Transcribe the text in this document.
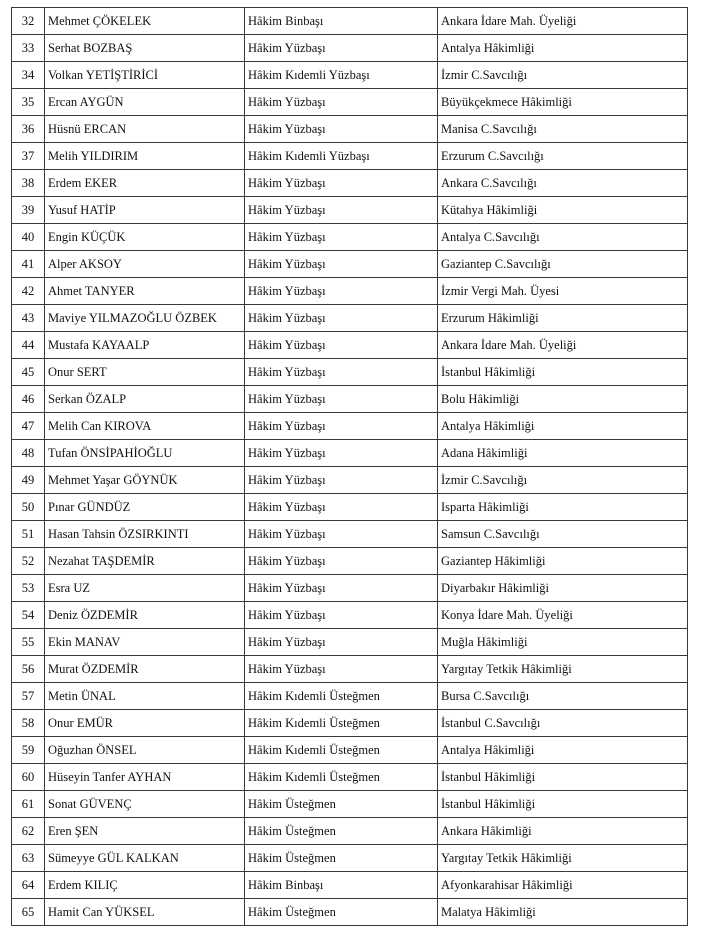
32	Mehmet ÇÖKELEK	Hâkim Binbaşı	Ankara İdare Mah. Üyeliği
33	Serhat BOZBAŞ	Hâkim Yüzbaşı	Antalya Hâkimliği
34	Volkan YETİŞTİRİCİ	Hâkim Kıdemli Yüzbaşı	İzmir C.Savcılığı
35	Ercan AYGÜN	Hâkim Yüzbaşı	Büyükçekmece Hâkimliği
36	Hüsnü ERCAN	Hâkim Yüzbaşı	Manisa C.Savcılığı
37	Melih YILDIRIM	Hâkim Kıdemli Yüzbaşı	Erzurum C.Savcılığı
38	Erdem EKER	Hâkim Yüzbaşı	Ankara C.Savcılığı
39	Yusuf HATİP	Hâkim Yüzbaşı	Kütahya Hâkimliği
40	Engin KÜÇÜK	Hâkim Yüzbaşı	Antalya C.Savcılığı
41	Alper AKSOY	Hâkim Yüzbaşı	Gaziantep C.Savcılığı
42	Ahmet TANYER	Hâkim Yüzbaşı	İzmir Vergi Mah. Üyesi
43	Maviye YILMAZOĞLU ÖZBEK	Hâkim Yüzbaşı	Erzurum Hâkimliği
44	Mustafa KAYAALP	Hâkim Yüzbaşı	Ankara İdare Mah. Üyeliği
45	Onur SERT	Hâkim Yüzbaşı	İstanbul Hâkimliği
46	Serkan ÖZALP	Hâkim Yüzbaşı	Bolu Hâkimliği
47	Melih Can KIROVA	Hâkim Yüzbaşı	Antalya Hâkimliği
48	Tufan ÖNSİPAHİOĞLU	Hâkim Yüzbaşı	Adana Hâkimliği
49	Mehmet Yaşar GÖYNÜK	Hâkim Yüzbaşı	İzmir C.Savcılığı
50	Pınar GÜNDÜZ	Hâkim Yüzbaşı	Isparta Hâkimliği
51	Hasan Tahsin ÖZSIRKINTI	Hâkim Yüzbaşı	Samsun C.Savcılığı
52	Nezahat TAŞDEMİR	Hâkim Yüzbaşı	Gaziantep Hâkimliği
53	Esra UZ	Hâkim Yüzbaşı	Diyarbakır Hâkimliği
54	Deniz ÖZDEMİR	Hâkim Yüzbaşı	Konya İdare Mah. Üyeliği
55	Ekin MANAV	Hâkim Yüzbaşı	Muğla Hâkimliği
56	Murat ÖZDEMİR	Hâkim Yüzbaşı	Yargıtay Tetkik Hâkimliği
57	Metin ÜNAL	Hâkim Kıdemli Üsteğmen	Bursa C.Savcılığı
58	Onur EMÜR	Hâkim Kıdemli Üsteğmen	İstanbul C.Savcılığı
59	Oğuzhan ÖNSEL	Hâkim Kıdemli Üsteğmen	Antalya Hâkimliği
60	Hüseyin Tanfer AYHAN	Hâkim Kıdemli Üsteğmen	İstanbul Hâkimliği
61	Sonat GÜVENÇ	Hâkim Üsteğmen	İstanbul Hâkimliği
62	Eren ŞEN	Hâkim Üsteğmen	Ankara Hâkimliği
63	Sümeyye GÜL KALKAN	Hâkim Üsteğmen	Yargıtay Tetkik Hâkimliği
64	Erdem KILIÇ	Hâkim Binbaşı	Afyonkarahisar Hâkimliği
65	Hamit Can YÜKSEL	Hâkim Üsteğmen	Malatya Hâkimliği
